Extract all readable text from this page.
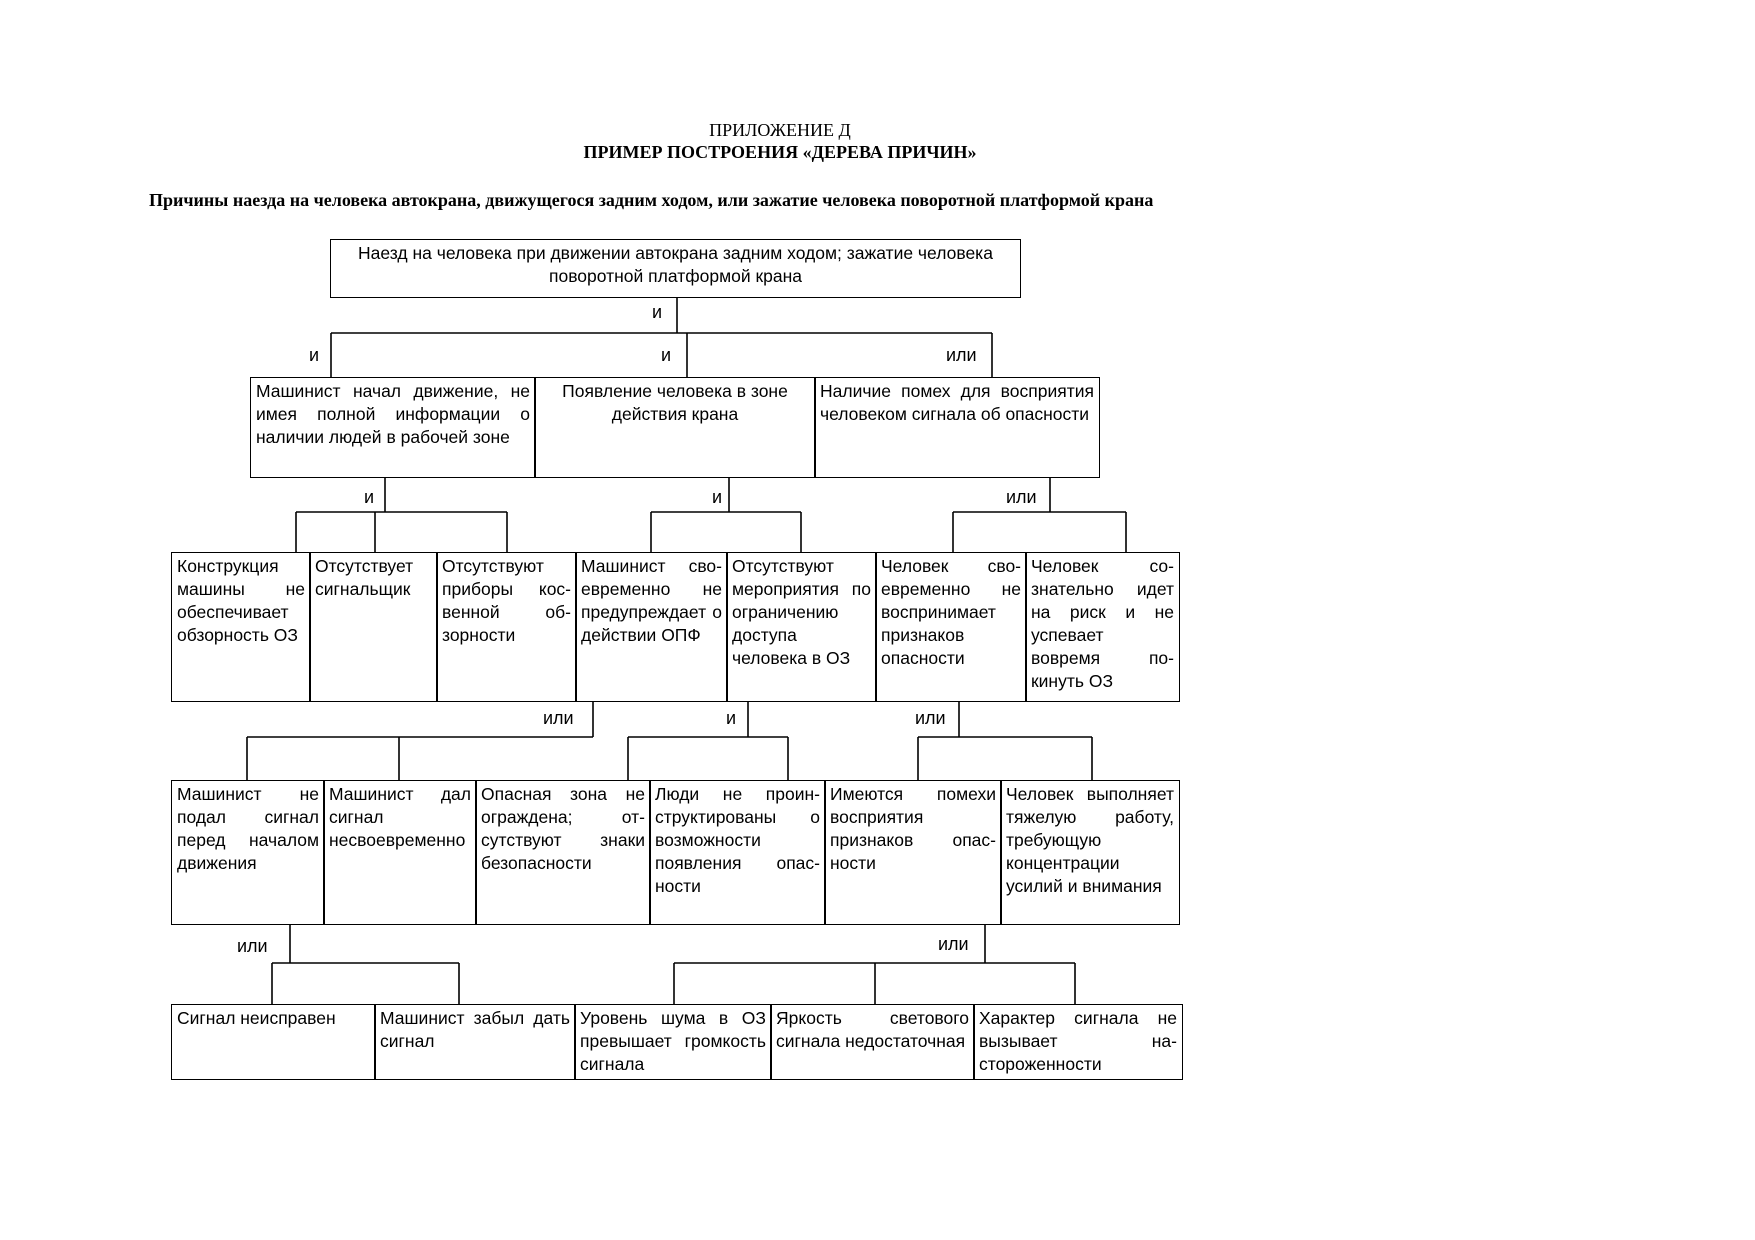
ПРИЛОЖЕНИЕ Д
ПРИМЕР ПОСТРОЕНИЯ «ДЕРЕВА ПРИЧИН»
Причины наезда на человека автокрана, движущегося задним ходом, или зажатие человека поворотной платформой крана
и
и	и	или
и	и	или
или	и	или
или	или
Наезд на человека при движении автокрана задним ходом; зажатие человека поворотной платформой крана
Машинист начал движение, не имея полной информации о наличии людей в рабочей зоне
Появление человека в зоне действия крана
Наличие помех для восприятия человеком сигнала об опасности
Конструкция машины не обеспечивает обзорность ОЗ
Отсутствует сигнальщик
Отсутствуют приборы косвенной обзорности
Машинист своевременно не предупреждает о действии ОПФ
Отсутствуют мероприятия по ограничению доступа человека в ОЗ
Человек своевременно не воспринимает признаков опасности
Человек сознательно идет на риск и не успевает вовремя покинуть ОЗ
Машинист не подал сигнал перед началом движения
Машинист дал сигнал несвоевременно
Опасная зона не ограждена; отсутствуют знаки безопасности
Люди не проинструктированы о возможности появления опасности
Имеются помехи восприятия признаков опасности
Человек выполняет тяжелую работу, требующую концентрации усилий и внимания
Сигнал неисправен	Машинист забыл дать сигнал
Уровень шума в ОЗ превышает громкость сигнала
Яркость светового сигнала недостаточная
Характер сигнала не вызывает настороженности
